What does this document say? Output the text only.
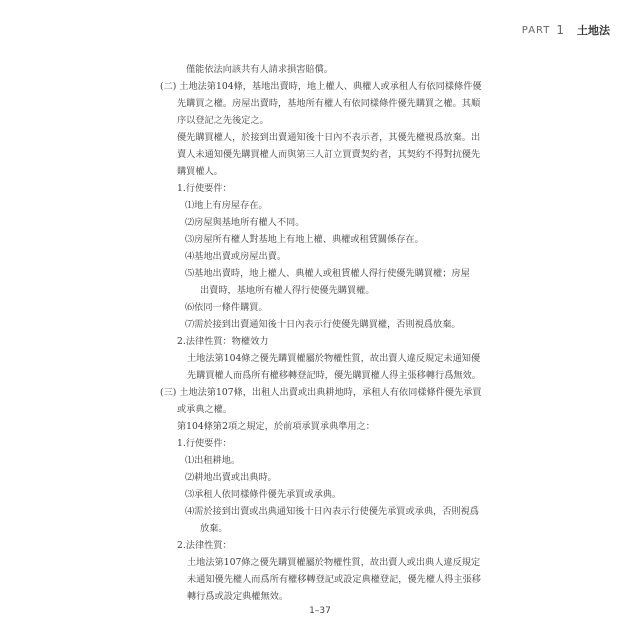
PART 1 土地法
僅能依法向該共有人請求損害賠償。
(二) 土地法第104條，基地出賣時，地上權人、典權人或承租人有依同樣條件優
先購買之權。房屋出賣時，基地所有權人有依同樣條件優先購買之權。其順
序以登記之先後定之。
優先購買權人，於接到出賣通知後十日內不表示者，其優先權視爲放棄。出
賣人未通知優先購買權人而與第三人訂立買賣契約者，其契約不得對抗優先
購買權人。
1.行使要件：
⑴地上有房屋存在。
⑵房屋與基地所有權人不同。
⑶房屋所有權人對基地上有地上權、典權或租賃關係存在。
⑷基地出賣或房屋出賣。
⑸基地出賣時，地上權人、典權人或租賃權人得行使優先購買權；房屋
出賣時，基地所有權人得行使優先購買權。
⑹依同一條件購買。
⑺需於接到出賣通知後十日內表示行使優先購買權，否則視爲放棄。
2.法律性質：物權效力
土地法第104條之優先購買權屬於物權性質，故出賣人違反規定未通知優
先購買權人而爲所有權移轉登記時，優先購買權人得主張移轉行爲無效。
(三) 土地法第107條，出租人出賣或出典耕地時，承租人有依同樣條件優先承買
或承典之權。
第104條第2項之規定，於前項承買承典準用之：
1.行使要件：
⑴出租耕地。
⑵耕地出賣或出典時。
⑶承租人依同樣條件優先承買或承典。
⑷需於接到出賣或出典通知後十日內表示行使優先承買或承典，否則視爲
放棄。
2.法律性質：
土地法第107條之優先購買權屬於物權性質，故出賣人或出典人違反規定
未通知優先權人而爲所有權移轉登記或設定典權登記，優先權人得主張移
轉行爲或設定典權無效。
1–37
